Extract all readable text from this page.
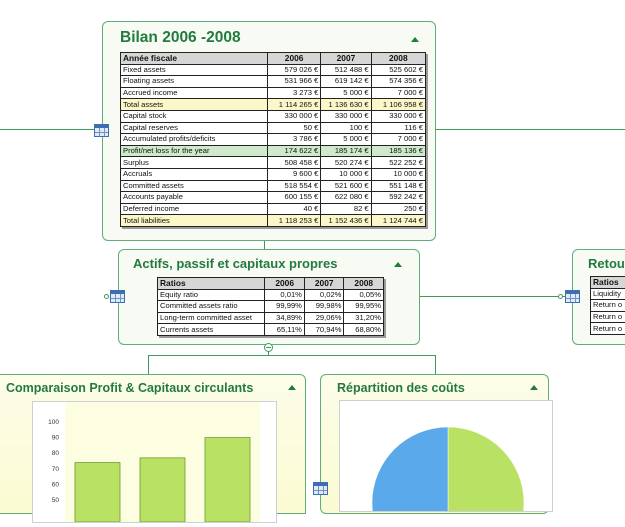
Bilan 2006 -2008
Année fiscale	2006	2007	2008
Fixed assets	579 026 €	512 488 €	525 602 €
Floating assets	531 966 €	619 142 €	574 356 €
Accrued income	3 273 €	5 000 €	7 000 €
Total assets	1 114 265 €	1 136 630 €	1 106 958 €
Capital stock	330 000 €	330 000 €	330 000 €
Capital reserves	50 €	100 €	116 €
Accumulated profits/deficits	3 786 €	5 000 €	7 000 €
Profit/net loss for the year	174 622 €	185 174 €	185 136 €
Surplus	508 458 €	520 274 €	522 252 €
Accruals	9 600 €	10 000 €	10 000 €
Committed assets	518 554 €	521 600 €	551 148 €
Accounts payable	600 155 €	622 080 €	592 242 €
Deferred income	40 €	82 €	250 €
Total liabilities	1 118 253 €	1 152 436 €	1 124 744 €
Actifs, passif et capitaux propres
Ratios	2006	2007	2008
Equity ratio	0,01%	0,02%	0,05%
Committed assets ratio	99,99%	99,98%	99,95%
Long-term committed asset	34,89%	29,06%	31,20%
Currents assets	65,11%	70,94%	68,80%
Retou
Ratios
Liquidity
Return o
Return o
Return o
Comparaison Profit & Capitaux circulants
100
90
80
70
60
50
Répartition des coûts
